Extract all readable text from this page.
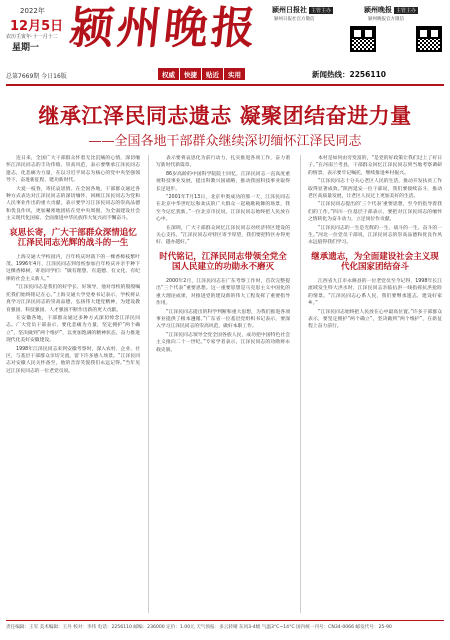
2022年
12月5日
农历壬寅年·十一月十二
星期一 颍州晚报 颍州日报社 主管主办	颍州晚报 主管主办
颍州日报社官方微信	颍州晚报官方微信
总第7669期 今日16版	权威	快捷	贴近	实用	新闻热线：2256110
继承江泽民同志遗志 凝聚团结奋进力量
——全国各地干部群众继续深切缅怀江泽民同志

连日来，全国广大干部群众怀着无比沉痛的心情，深切缅怀江泽民同志的丰功伟绩、崇高风范，表示要继承江泽民同志遗志，化悲痛为力量，在以习近平同志为核心的党中央坚强领导下，奋进新征程、建功新时代。

大爱一枝春，寄托哀思情。在全国各地，干部群众通过各种方式表达对江泽民同志的深切缅怀，回顾江泽民同志为党和人民事业作出的重大贡献，表示要学习江泽民同志的崇高品德和优良作风，更加紧密地团结在党中央周围，为全面建设社会主义现代化国家、全面推进中华民族伟大复兴而不懈奋斗。

哀思长寄，广大干部群众深情追忆江泽民同志光辉的战斗的一生

上海交通大学校园内，百年校庆时栽下的一棵香樟枝繁叶茂。1996年4月，江泽民同志到母校参加百年校庆并亲手种下这棵香樟树，寄语同学们：“做有理想、有道德、有文化、有纪律的社会主义新人。”

“江泽民同志是我们的好学长、好领导，他对母校的殷殷嘱托我们始终铭记在心。”上海交通大学党委书记表示，学校将认真学习江泽民同志的崇高品德，弘扬伟大建党精神，为建设教育强国、科技强国、人才强国不断作出新的更大贡献。

在安徽各地，干部群众通过多种方式深切悼念江泽民同志。广大党员干部表示，要化悲痛为力量，坚定拥护“两个确立”，坚决做到“两个维护”，以更加饱满的精神状态，奋力推进现代化美好安徽建设。

1998年江泽民同志来到安徽考察时，深入农村、企业、社区，与基层干部群众亲切交流，留下许多感人场景。“江泽民同志对安徽人民关怀备至，他的音容笑貌我们永远记得。”当年见过江泽民同志的一位老党员说。

表示要将哀思化为前行动力，扎实推进各项工作，奋力谱写新时代新篇章。

86岁高龄的中国科学院院士回忆，江泽民同志一直高度重视科技事业发展，提出科教兴国战略，推动我国科技事业取得长足进步。

“2001年7月13日，北京申奥成功的那一天，江泽民同志在北京中华世纪坛和欢庆的广大群众一起载歌载舞的场景，我至今记忆犹新。”一位北京市民说，江泽民同志始终把人民放在心中。

在深圳，广大干部群众回忆江泽民同志对经济特区建设的关心支持。“江泽民同志对特区寄予厚望，我们要把特区办得更好、越办越好。”

时代铭记，江泽民同志带领全党全国人民建立的功勋永不磨灭

2000年2月，江泽民同志在广东考察工作时，首次完整提出“三个代表”重要思想。这一重要思想是马克思主义中国化的重大理论成果，对推进党的建设新的伟大工程发挥了重要指导作用。

“江泽民同志提出的科学判断和重大思想，为我们推进各项事业提供了根本遵循。”广东省一位基层党组织书记表示，要深入学习江泽民同志的崇高风范，做好本职工作。

“江泽民同志领导全党全国各族人民，成功把中国特色社会主义推向二十一世纪。”专家学者表示，江泽民同志的功勋将永载史册。

本村是如何由穷变富的，“是党的好政策让我们过上了好日子。”在河南兰考县，干部群众回忆江泽民同志到当地考察调研的情景，表示要牢记嘱托，继续推进乡村振兴。

“江泽民同志十分关心老区人民的生活，推动开发扶贫工作取得显著成效。”陕西延安一位干部说，我们要接续奋斗，推动老区高质量发展，让老区人民过上更加美好的生活。

“江泽民同志提出的‘三个代表’重要思想，至今仍指导着我们的工作。”四川一位基层干部表示，要把对江泽民同志的缅怀之情转化为奋斗动力，立足岗位作贡献。

“江泽民同志的一生是光辉的一生、战斗的一生、奋斗的一生。”河北一位党员干部说，江泽民同志的崇高品德和优良作风永远值得我们学习。

继承遗志，为全面建设社会主义现代化国家团结奋斗

江西省九江市永修县的一位老党员至今记得，1998年长江流域发生特大洪水时，江泽民同志亲临抗洪一线指挥抗洪抢险的情景。“江泽民同志心系人民，我们要继承遗志，建设好家乡。”

“江泽民同志始终把人民放在心中最高位置。”许多干部群众表示，要坚定拥护“两个确立”，坚决做到“两个维护”，在新征程上奋力前行。

责任编辑：王军 美术编辑：王丹 校对：李伟 电话：2256110 邮编：236000 定价：1.00元 天气预报：多云转晴 东风3-4级 气温3°C~14°C 国内统一刊号：CN34-0066 邮发代号：25-90
